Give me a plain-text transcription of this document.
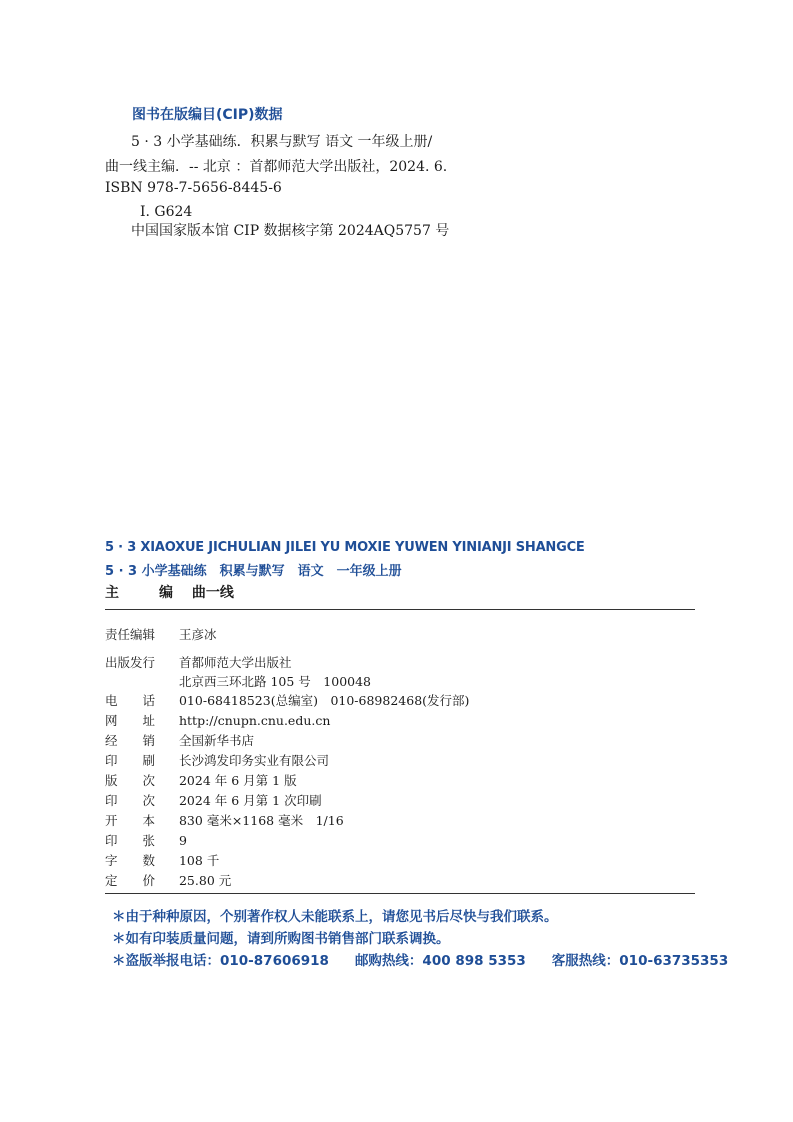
图书在版编目(CIP)数据
5 · 3 小学基础练．积累与默写 语文 一年级上册/
曲一线主编．-- 北京 ：首都师范大学出版社，2024. 6.
ISBN 978-7-5656-8445-6
Ⅰ. G624
中国国家版本馆 CIP 数据核字第 2024AQ5757 号
5 · 3 XIAOXUE JICHULIAN JILEI YU MOXIE YUWEN YINIANJI SHANGCE
5 · 3 小学基础练　积累与默写　语文　一年级上册
主　　编 曲一线
责任编辑 王彦冰
出版发行 首都师范大学出版社
北京西三环北路 105 号　100048
电　　话 010-68418523(总编室)　010-68982468(发行部)
网　　址 http://cnupn.cnu.edu.cn
经　　销 全国新华书店
印　　刷 长沙鸿发印务实业有限公司
版　　次 2024 年 6 月第 1 版
印　　次 2024 年 6 月第 1 次印刷
开　　本 830 毫米×1168 毫米　1/16
印　　张 9
字　　数 108 千
定　　价 25.80 元
＊由于种种原因，个别著作权人未能联系上，请您见书后尽快与我们联系。
＊如有印装质量问题，请到所购图书销售部门联系调换。
＊盗版举报电话：010-87606918 邮购热线：400 898 5353 客服热线：010-63735353
